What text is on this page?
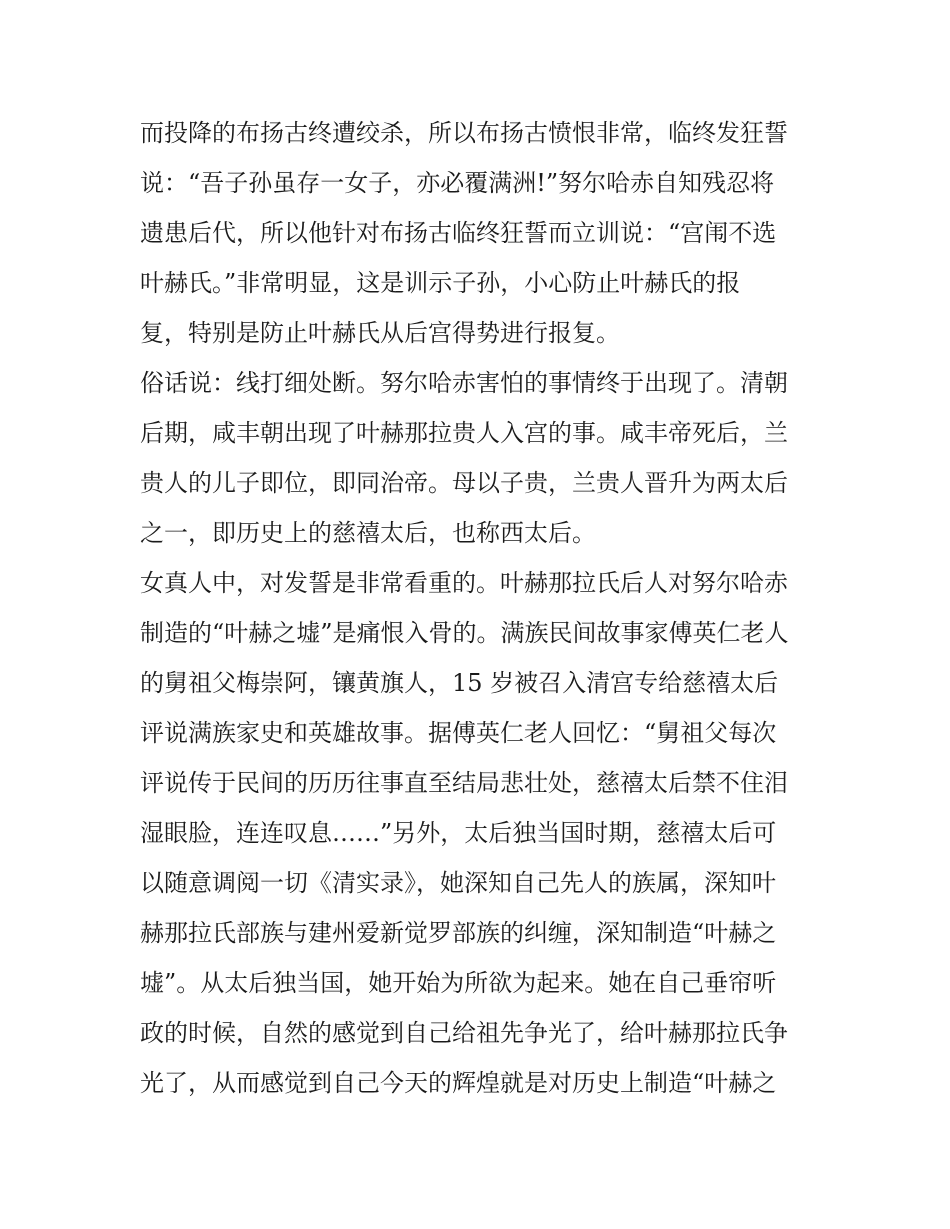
而投降的布扬古终遭绞杀，所以布扬古愤恨非常，临终发狂誓
说：“吾子孙虽存一女子，亦必覆满洲!”努尔哈赤自知残忍将
遗患后代，所以他针对布扬古临终狂誓而立训说：“宫闱不选
叶赫氏。”非常明显，这是训示子孙，小心防止叶赫氏的报
复，特别是防止叶赫氏从后宫得势进行报复。
俗话说：线打细处断。努尔哈赤害怕的事情终于出现了。清朝
后期，咸丰朝出现了叶赫那拉贵人入宫的事。咸丰帝死后，兰
贵人的儿子即位，即同治帝。母以子贵，兰贵人晋升为两太后
之一，即历史上的慈禧太后，也称西太后。
女真人中，对发誓是非常看重的。叶赫那拉氏后人对努尔哈赤
制造的“叶赫之墟”是痛恨入骨的。满族民间故事家傅英仁老人
的舅祖父梅崇阿，镶黄旗人，15 岁被召入清宫专给慈禧太后
评说满族家史和英雄故事。据傅英仁老人回忆：“舅祖父每次
评说传于民间的历历往事直至结局悲壮处，慈禧太后禁不住泪
湿眼脸，连连叹息……”另外，太后独当国时期，慈禧太后可
以随意调阅一切《清实录》，她深知自己先人的族属，深知叶
赫那拉氏部族与建州爱新觉罗部族的纠缠，深知制造“叶赫之
墟”。从太后独当国，她开始为所欲为起来。她在自己垂帘听
政的时候，自然的感觉到自己给祖先争光了，给叶赫那拉氏争
光了，从而感觉到自己今天的辉煌就是对历史上制造“叶赫之
